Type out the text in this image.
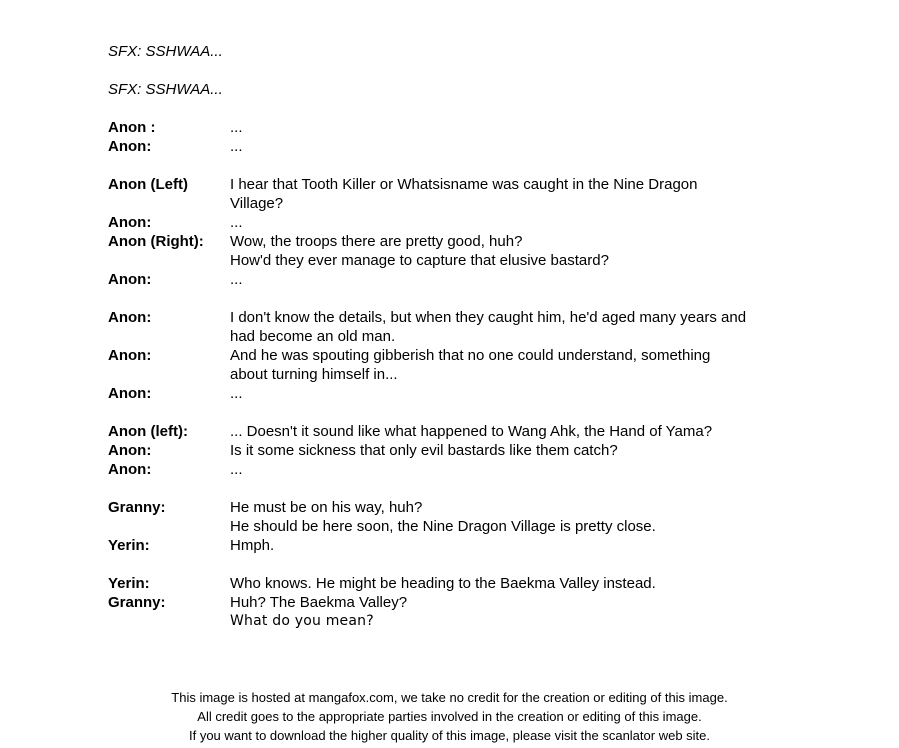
SFX: SSHWAA...
SFX: SSHWAA...
Anon :	...
Anon:	...
Anon (Left)	I hear that Tooth Killer or Whatsisname was caught in the Nine Dragon
Village?
Anon:	...
Anon (Right):	Wow, the troops there are pretty good, huh?
How'd they ever manage to capture that elusive bastard?
Anon:	...
Anon:	I don't know the details, but when they caught him, he'd aged many years and
had become an old man.
Anon:	And he was spouting gibberish that no one could understand, something
about turning himself in...
Anon:	...
Anon (left):	... Doesn't it sound like what happened to Wang Ahk, the Hand of Yama?
Anon:	Is it some sickness that only evil bastards like them catch?
Anon:	...
Granny:	He must be on his way, huh?
He should be here soon, the Nine Dragon Village is pretty close.
Yerin:	Hmph.
Yerin:	Who knows. He might be heading to the Baekma Valley instead.
Granny:	Huh? The Baekma Valley?
What do you mean?
This image is hosted at mangafox.com, we take no credit for the creation or editing of this image.
All credit goes to the appropriate parties involved in the creation or editing of this image.
If you want to download the higher quality of this image, please visit the scanlator web site.
